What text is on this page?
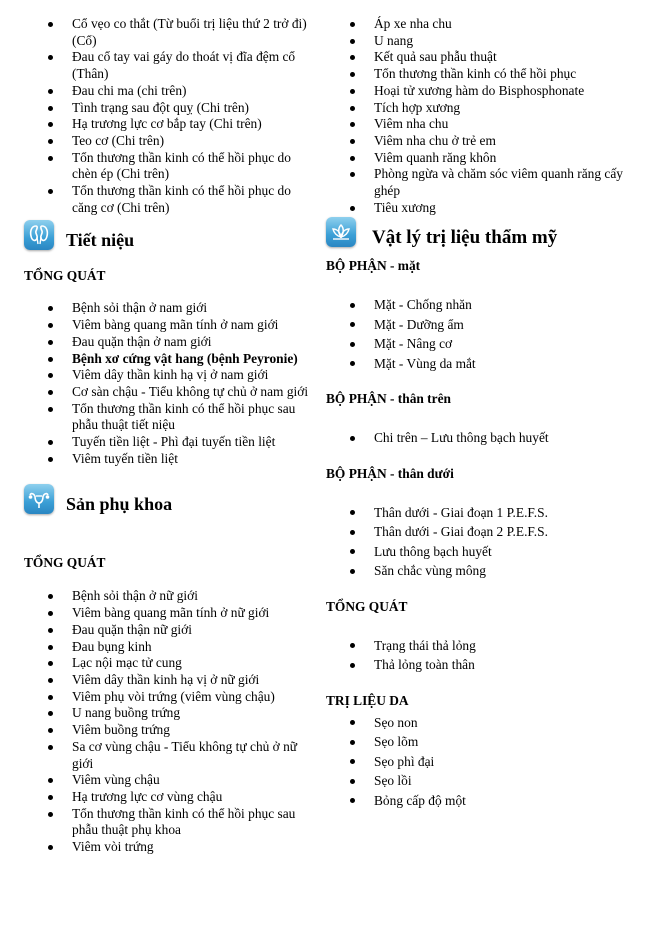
Cổ vẹo co thắt (Từ buổi trị liệu thứ 2 trở đi) (Cổ)
Đau cổ tay vai gáy do thoát vị đĩa đệm cổ (Thân)
Đau chi ma (chi trên)
Tình trạng sau đột quỵ (Chi trên)
Hạ trương lực cơ bắp tay (Chi trên)
Teo cơ (Chi trên)
Tổn thương thần kinh có thể hồi phục do chèn ép (Chi trên)
Tổn thương thần kinh có thể hồi phục do căng cơ (Chi trên)
Tiết niệu
TỔNG QUÁT
Bệnh sỏi thận ở nam giới
Viêm bàng quang mãn tính ở nam giới
Đau quặn thận ở nam giới
Bệnh xơ cứng vật hang (bệnh Peyronie)
Viêm dây thần kinh hạ vị ở nam giới
Cơ sàn chậu - Tiểu không tự chủ ở nam giới
Tổn thương thần kinh có thể hồi phục sau phẫu thuật tiết niệu
Tuyến tiền liệt - Phì đại tuyến tiền liệt
Viêm tuyến tiền liệt
Sản phụ khoa
TỔNG QUÁT
Bệnh sỏi thận ở nữ giới
Viêm bàng quang mãn tính ở nữ giới
Đau quặn thận nữ giới
Đau bụng kinh
Lạc nội mạc tử cung
Viêm dây thần kinh hạ vị ở nữ giới
Viêm phụ vòi trứng (viêm vùng chậu)
U nang buồng trứng
Viêm buồng trứng
Sa cơ vùng chậu - Tiểu không tự chủ ở nữ giới
Viêm vùng chậu
Hạ trương lực cơ vùng chậu
Tổn thương thần kinh có thể hồi phục sau phẫu thuật phụ khoa
Viêm vòi trứng
Áp xe nha chu
U nang
Kết quả sau phẫu thuật
Tổn thương thần kinh có thể hồi phục
Hoại tử xương hàm do Bisphosphonate
Tích hợp xương
Viêm nha chu
Viêm nha chu ở trẻ em
Viêm quanh răng khôn
Phòng ngừa và chăm sóc viêm quanh răng cấy ghép
Tiêu xương
Vật lý trị liệu thẩm mỹ
BỘ PHẬN - mặt
Mặt - Chống nhăn
Mặt - Dưỡng ẩm
Mặt - Nâng cơ
Mặt - Vùng da mắt
BỘ PHẬN - thân trên
Chi trên – Lưu thông bạch huyết
BỘ PHẬN - thân dưới
Thân dưới - Giai đoạn 1 P.E.F.S.
Thân dưới - Giai đoạn 2 P.E.F.S.
Lưu thông bạch huyết
Săn chắc vùng mông
TỔNG QUÁT
Trạng thái thả lỏng
Thả lỏng toàn thân
TRỊ LIỆU DA
Sẹo non
Sẹo lõm
Sẹo phì đại
Sẹo lồi
Bỏng cấp độ một
